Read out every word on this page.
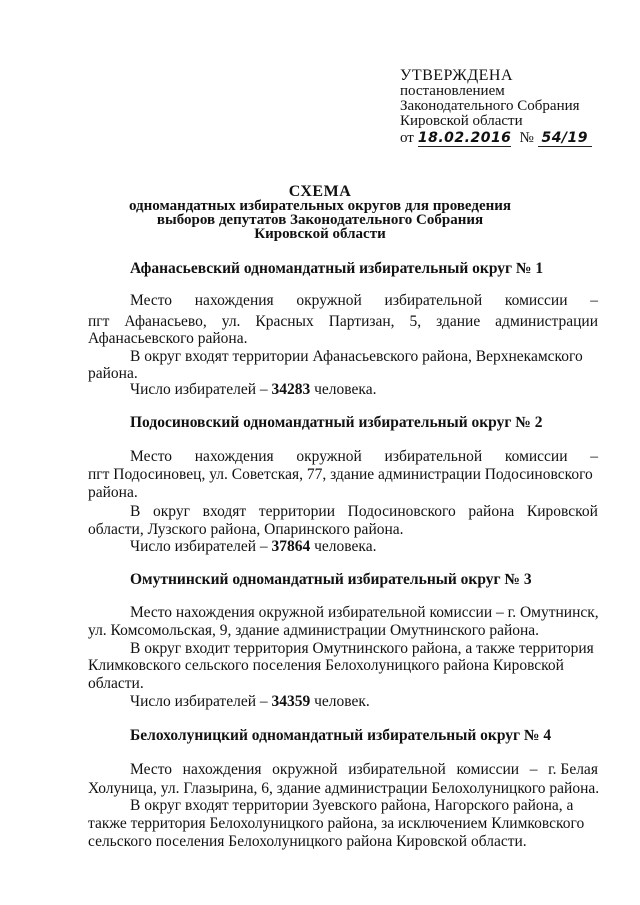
УТВЕРЖДЕНА
постановлением
Законодательного Собрания
Кировской области
от 18.02.2016 № 54/19
СХЕМА
одномандатных избирательных округов для проведения
выборов депутатов Законодательного Собрания
Кировской области
Афанасьевский одномандатный избирательный округ № 1
Место нахождения окружной избирательной комиссии –
пгт Афанасьево, ул. Красных Партизан, 5, здание администрации
Афанасьевского района.
В округ входят территории Афанасьевского района, Верхнекамского
района.
Число избирателей – 34283 человека.
Подосиновский одномандатный избирательный округ № 2
Место нахождения окружной избирательной комиссии –
пгт Подосиновец, ул. Советская, 77, здание администрации Подосиновского
района.
В округ входят территории Подосиновского района Кировской
области, Лузского района, Опаринского района.
Число избирателей – 37864 человека.
Омутнинский одномандатный избирательный округ № 3
Место нахождения окружной избирательной комиссии – г. Омутнинск,
ул. Комсомольская, 9, здание администрации Омутнинского района.
В округ входит территория Омутнинского района, а также территория
Климковского сельского поселения Белохолуницкого района Кировской
области.
Число избирателей – 34359 человек.
Белохолуницкий одномандатный избирательный округ № 4
Место нахождения окружной избирательной комиссии – г. Белая
Холуница, ул. Глазырина, 6, здание администрации Белохолуницкого района.
В округ входят территории Зуевского района, Нагорского района, а
также территория Белохолуницкого района, за исключением Климковского
сельского поселения Белохолуницкого района Кировской области.
